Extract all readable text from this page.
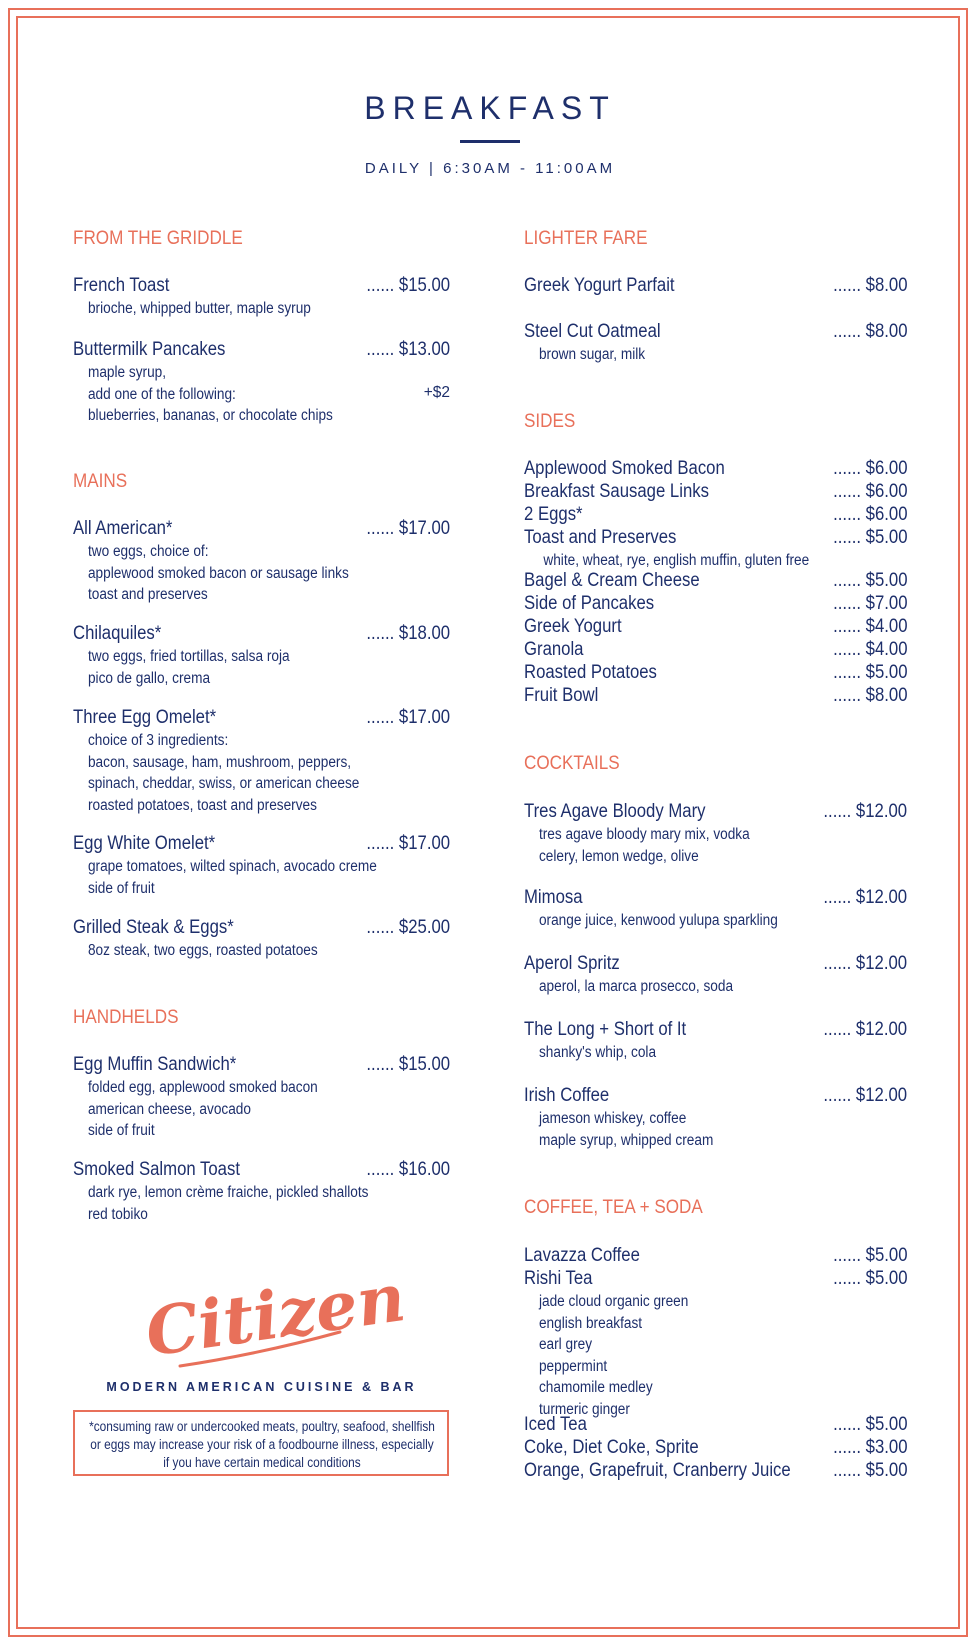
BREAKFAST
DAILY | 6:30AM - 11:00AM
FROM THE GRIDDLE
French Toast	...... $15.00
brioche, whipped butter, maple syrup
Buttermilk Pancakes	...... $13.00
maple syrup,
add one of the following:	+$2
blueberries, bananas, or chocolate chips
MAINS
All American*	...... $17.00
two eggs, choice of:
applewood smoked bacon or sausage links
toast and preserves
Chilaquiles*	...... $18.00
two eggs, fried tortillas, salsa roja
pico de gallo, crema
Three Egg Omelet*	...... $17.00
choice of 3 ingredients:
bacon, sausage, ham, mushroom, peppers,
spinach, cheddar, swiss, or american cheese
roasted potatoes, toast and preserves
Egg White Omelet*	...... $17.00
grape tomatoes, wilted spinach, avocado creme
side of fruit
Grilled Steak & Eggs*	...... $25.00
8oz steak, two eggs, roasted potatoes
HANDHELDS
Egg Muffin Sandwich*	...... $15.00
folded egg, applewood smoked bacon
american cheese, avocado
side of fruit
Smoked Salmon Toast	...... $16.00
dark rye, lemon crème fraiche, pickled shallots
red tobiko
Citizen
MODERN AMERICAN CUISINE & BAR
*consuming raw or undercooked meats, poultry, seafood, shellfish
or eggs may increase your risk of a foodbourne illness, especially
if you have certain medical conditions
LIGHTER FARE
Greek Yogurt Parfait	...... $8.00
Steel Cut Oatmeal	...... $8.00
brown sugar, milk
SIDES
Applewood Smoked Bacon	...... $6.00
Breakfast Sausage Links	...... $6.00
2 Eggs*	...... $6.00
Toast and Preserves	...... $5.00
white, wheat, rye, english muffin, gluten free
Bagel & Cream Cheese	...... $5.00
Side of Pancakes	...... $7.00
Greek Yogurt	...... $4.00
Granola	...... $4.00
Roasted Potatoes	...... $5.00
Fruit Bowl	...... $8.00
COCKTAILS
Tres Agave Bloody Mary	...... $12.00
tres agave bloody mary mix, vodka
celery, lemon wedge, olive
Mimosa	...... $12.00
orange juice, kenwood yulupa sparkling
Aperol Spritz	...... $12.00
aperol, la marca prosecco, soda
The Long + Short of It	...... $12.00
shanky's whip, cola
Irish Coffee	...... $12.00
jameson whiskey, coffee
maple syrup, whipped cream
COFFEE, TEA + SODA
Lavazza Coffee	...... $5.00
Rishi Tea	...... $5.00
jade cloud organic green
english breakfast
earl grey
peppermint
chamomile medley
turmeric ginger
Iced Tea	...... $5.00
Coke, Diet Coke, Sprite	...... $3.00
Orange, Grapefruit, Cranberry Juice ...... $5.00
